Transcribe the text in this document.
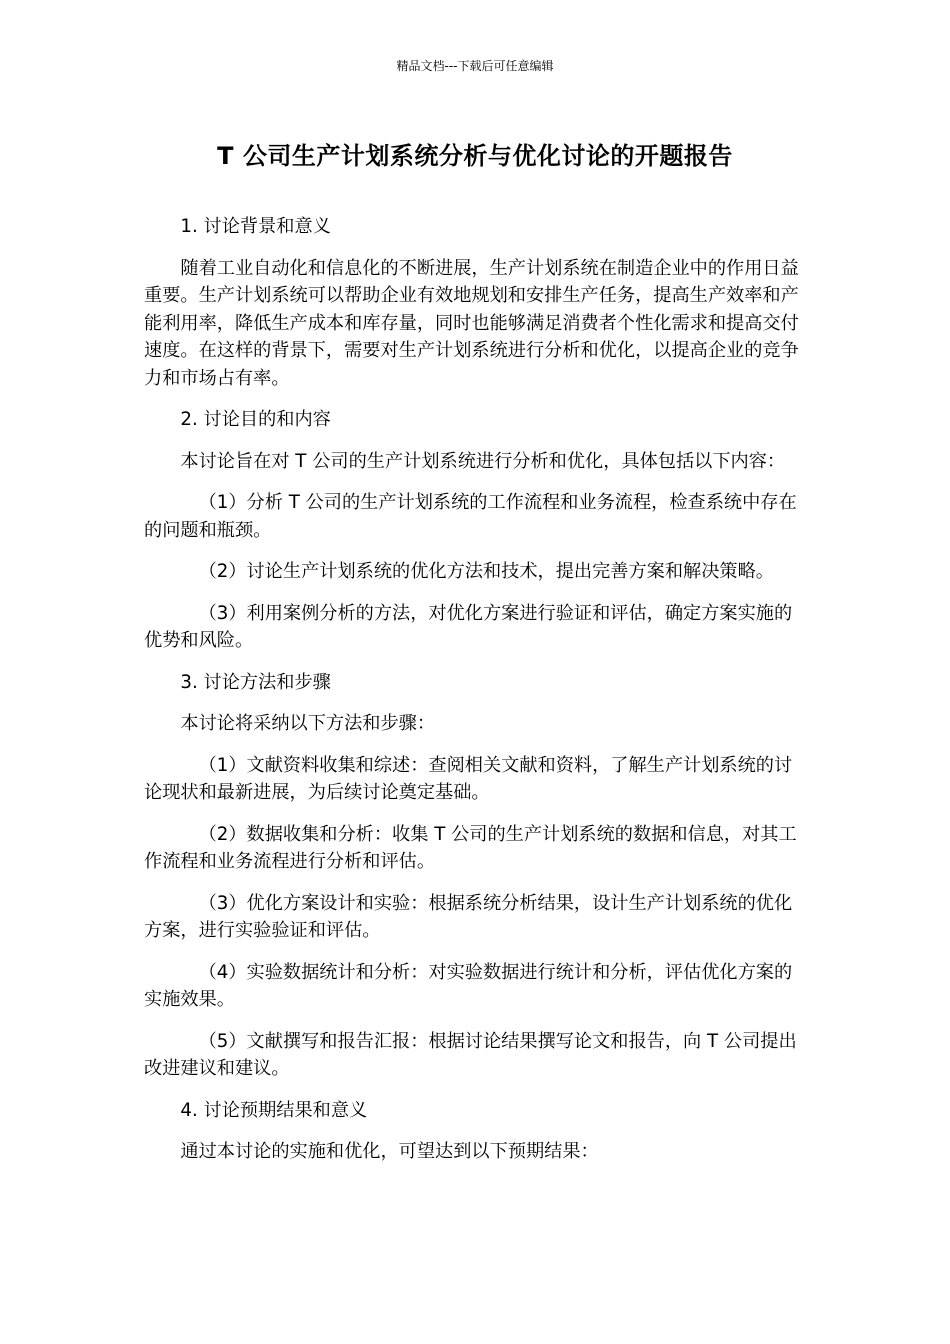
精品文档---下载后可任意编辑
T 公司生产计划系统分析与优化讨论的开题报告

1. 讨论背景和意义

随着工业自动化和信息化的不断进展，生产计划系统在制造企业中的作用日益重要。生产计划系统可以帮助企业有效地规划和安排生产任务，提高生产效率和产能利用率，降低生产成本和库存量，同时也能够满足消费者个性化需求和提高交付速度。在这样的背景下，需要对生产计划系统进行分析和优化，以提高企业的竞争力和市场占有率。

2. 讨论目的和内容

本讨论旨在对 T 公司的生产计划系统进行分析和优化，具体包括以下内容：

（1）分析 T 公司的生产计划系统的工作流程和业务流程，检查系统中存在的问题和瓶颈。

（2）讨论生产计划系统的优化方法和技术，提出完善方案和解决策略。

（3）利用案例分析的方法，对优化方案进行验证和评估，确定方案实施的优势和风险。

3. 讨论方法和步骤

本讨论将采纳以下方法和步骤：

（1）文献资料收集和综述：查阅相关文献和资料，了解生产计划系统的讨论现状和最新进展，为后续讨论奠定基础。

（2）数据收集和分析：收集 T 公司的生产计划系统的数据和信息，对其工作流程和业务流程进行分析和评估。

（3）优化方案设计和实验：根据系统分析结果，设计生产计划系统的优化方案，进行实验验证和评估。

（4）实验数据统计和分析：对实验数据进行统计和分析，评估优化方案的实施效果。

（5）文献撰写和报告汇报：根据讨论结果撰写论文和报告，向 T 公司提出改进建议和建议。

4. 讨论预期结果和意义

通过本讨论的实施和优化，可望达到以下预期结果：
